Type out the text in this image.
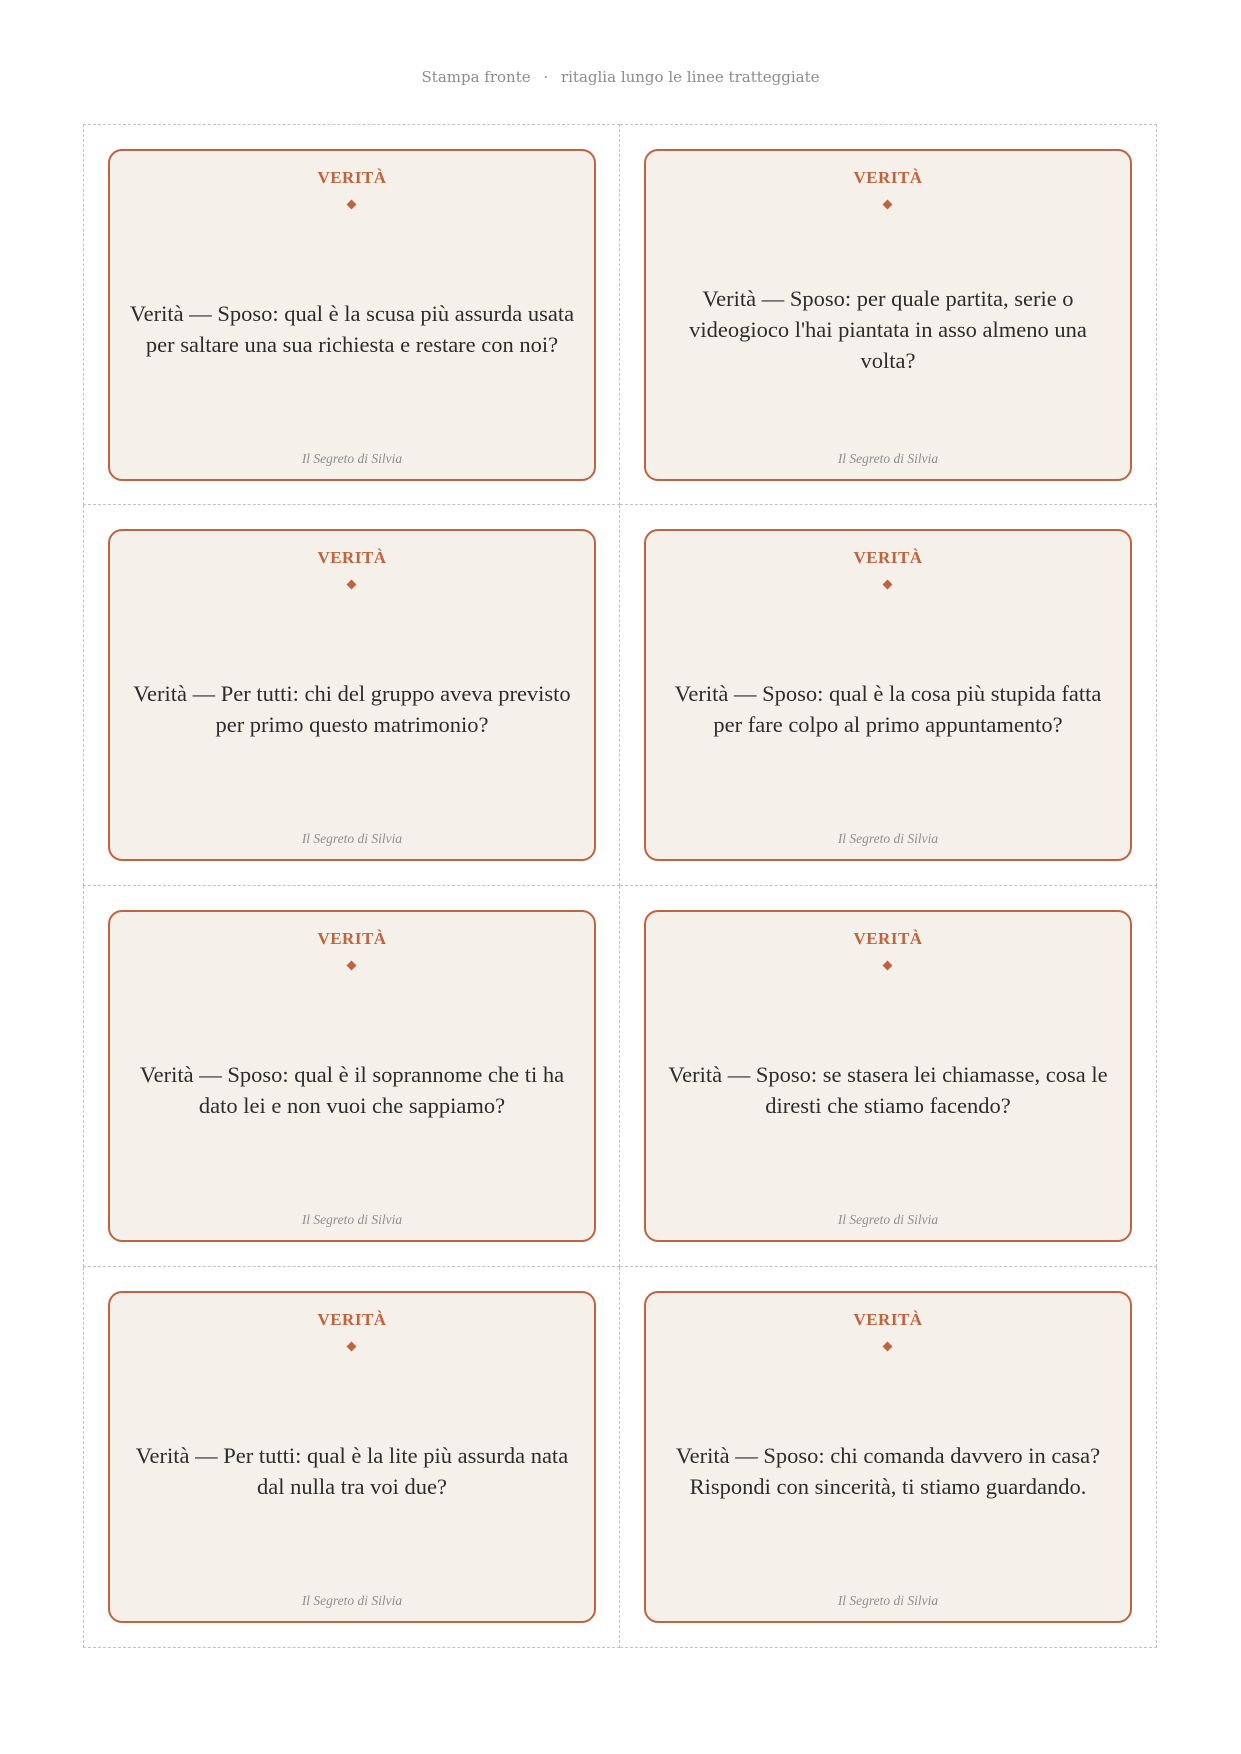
Stampa fronte · ritaglia lungo le linee tratteggiate
VERITÀ
Verità — Sposo: qual è la scusa più assurda usata per saltare una sua richiesta e restare con noi?
Il Segreto di Silvia
VERITÀ
Verità — Sposo: per quale partita, serie o videogioco l'hai piantata in asso almeno una volta?
Il Segreto di Silvia
VERITÀ
Verità — Per tutti: chi del gruppo aveva previsto per primo questo matrimonio?
Il Segreto di Silvia
VERITÀ
Verità — Sposo: qual è la cosa più stupida fatta per fare colpo al primo appuntamento?
Il Segreto di Silvia
VERITÀ
Verità — Sposo: qual è il soprannome che ti ha dato lei e non vuoi che sappiamo?
Il Segreto di Silvia
VERITÀ
Verità — Sposo: se stasera lei chiamasse, cosa le diresti che stiamo facendo?
Il Segreto di Silvia
VERITÀ
Verità — Per tutti: qual è la lite più assurda nata dal nulla tra voi due?
Il Segreto di Silvia
VERITÀ
Verità — Sposo: chi comanda davvero in casa? Rispondi con sincerità, ti stiamo guardando.
Il Segreto di Silvia
